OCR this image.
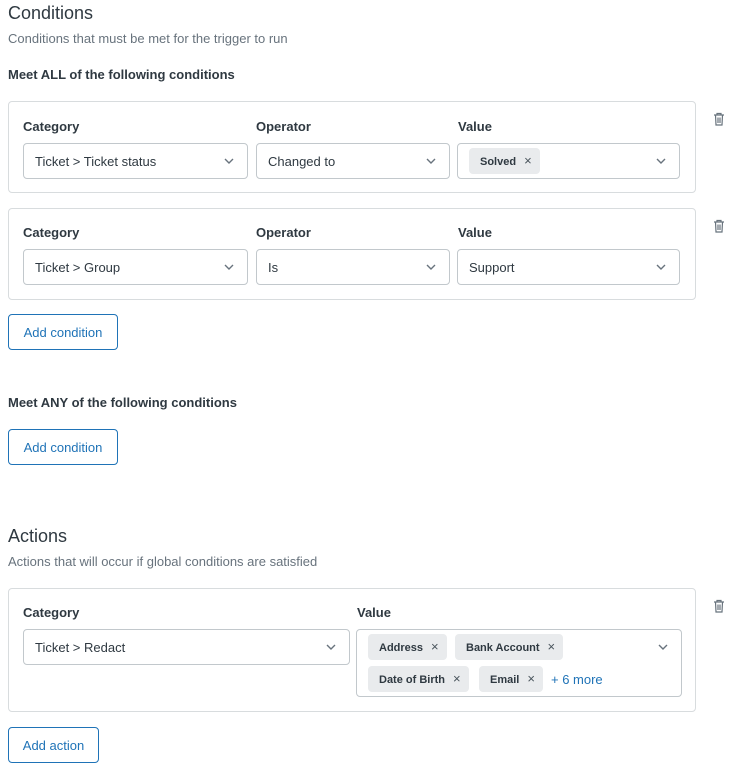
Conditions
Conditions that must be met for the trigger to run
Meet ALL of the following conditions
Category
Ticket > Ticket status
Operator
Changed to
Value
Solved ×
Category
Ticket > Group
Operator
Is
Value
Support
Add condition
Meet ANY of the following conditions
Add condition
Actions
Actions that will occur if global conditions are satisfied
Category
Ticket > Redact
Value
Address ×	Bank Account ×
Date of Birth ×	Email ×	+ 6 more
Add action
